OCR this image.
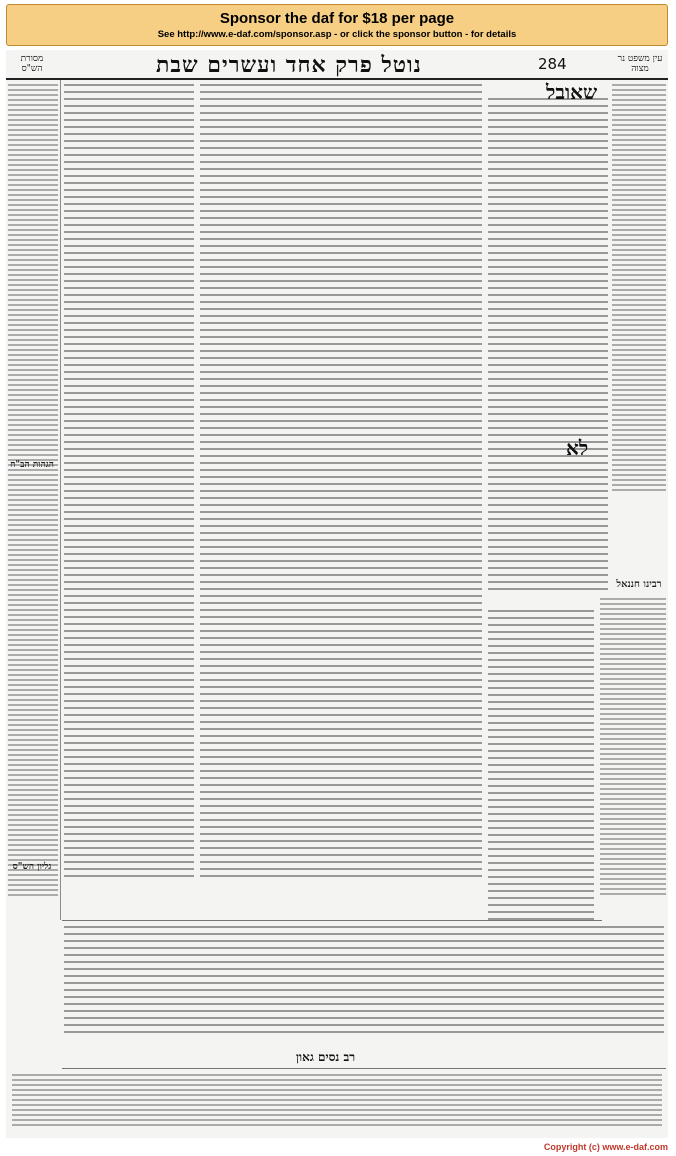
Sponsor the daf for $18 per page
See http://www.e-daf.com/sponsor.asp - or click the sponsor button - for details
מסורת הש"ס	נוטל פרק אחד ועשרים שבת	284	עין משפט נר מצוה
הגהות הב"ח
גליון הש"ס
שאובל
לא
רבינו חננאל
רב נסים גאון
Copyright (c) www.e-daf.com
